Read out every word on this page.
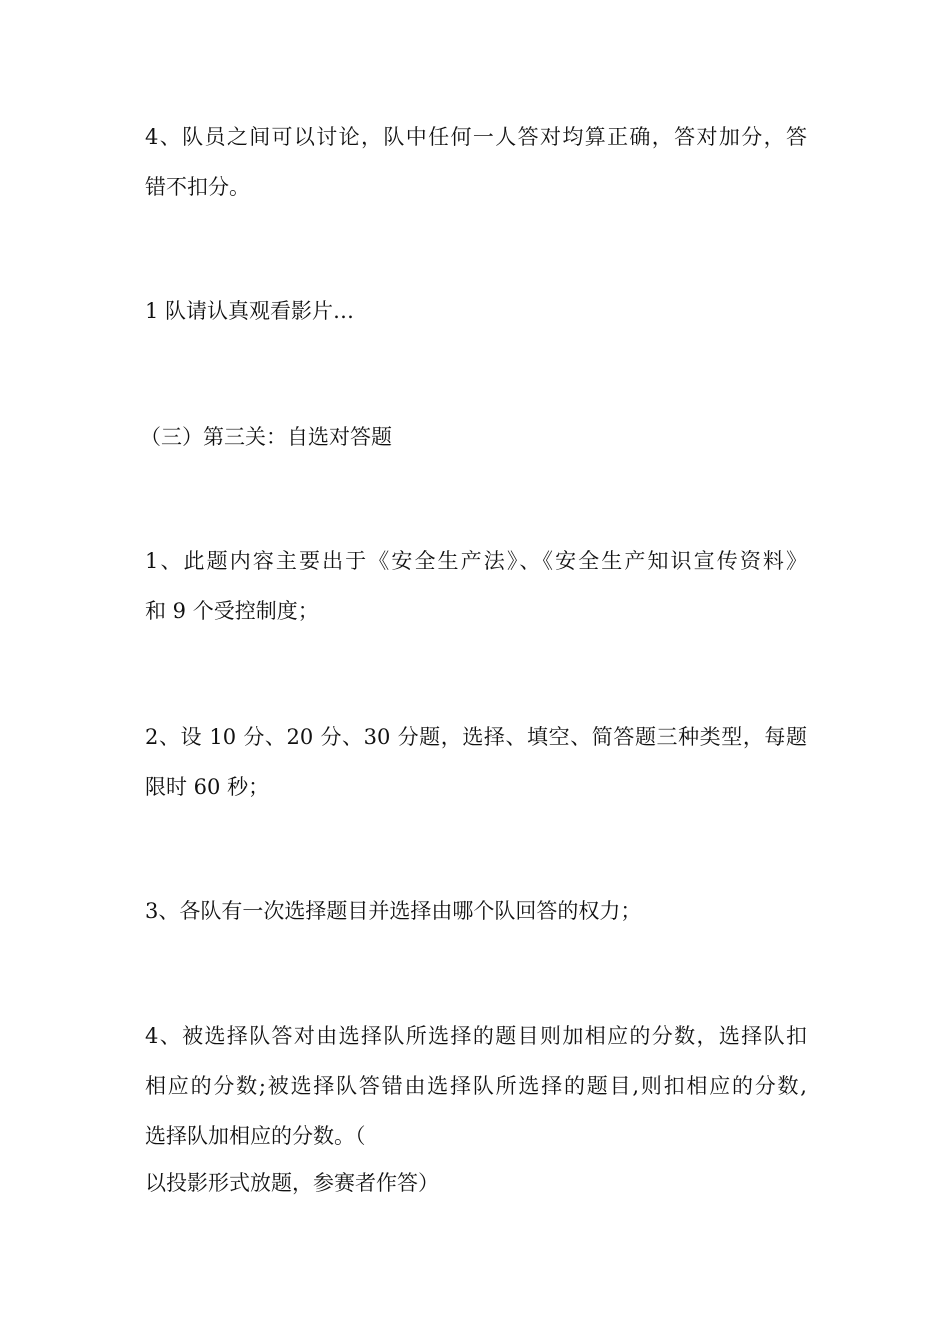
4、队员之间可以讨论，队中任何一人答对均算正确，答对加分，答
错不扣分。
1 队请认真观看影片…
（三）第三关：自选对答题
1、此题内容主要出于《安全生产法》、《安全生产知识宣传资料》
和 9 个受控制度；
2、设 10 分、20 分、30 分题，选择、填空、简答题三种类型，每题
限时 60 秒；
3、各队有一次选择题目并选择由哪个队回答的权力；
4、被选择队答对由选择队所选择的题目则加相应的分数，选择队扣
相应的分数;被选择队答错由选择队所选择的题目,则扣相应的分数,
选择队加相应的分数。（
以投影形式放题，参赛者作答）
